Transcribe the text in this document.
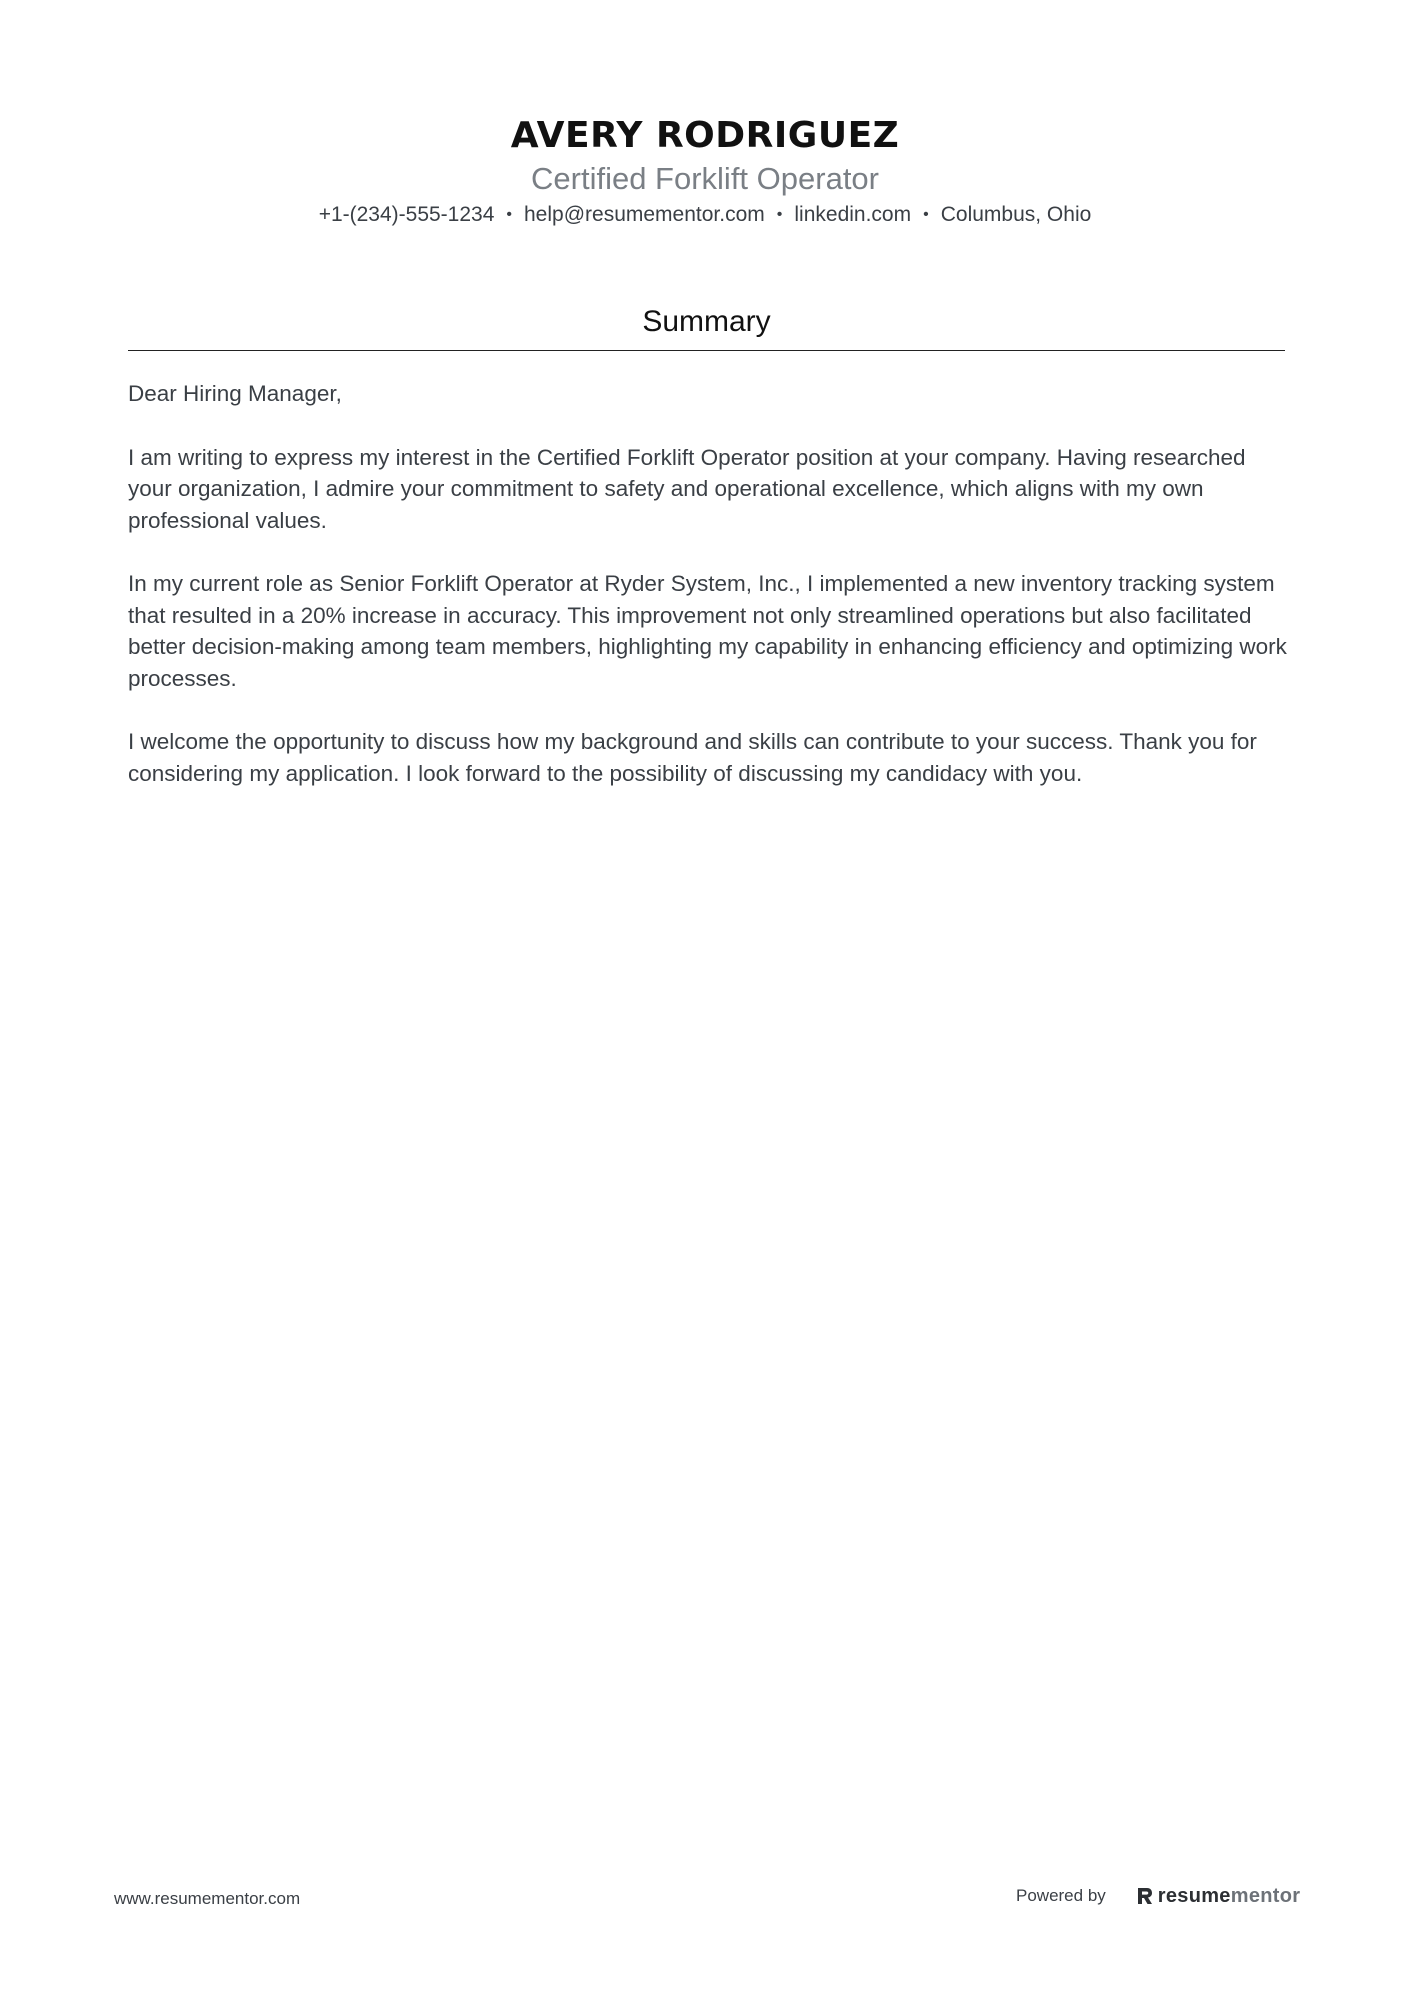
AVERY RODRIGUEZ
Certified Forklift Operator
+1-(234)-555-1234 • help@resumementor.com • linkedin.com • Columbus, Ohio
Summary

Dear Hiring Manager,

I am writing to express my interest in the Certified Forklift Operator position at your company. Having researched your organization, I admire your commitment to safety and operational excellence, which aligns with my own professional values.

In my current role as Senior Forklift Operator at Ryder System, Inc., I implemented a new inventory tracking system that resulted in a 20% increase in accuracy. This improvement not only streamlined operations but also facilitated better decision-making among team members, highlighting my capability in enhancing efficiency and optimizing work processes.

I welcome the opportunity to discuss how my background and skills can contribute to your success. Thank you for considering my application. I look forward to the possibility of discussing my candidacy with you.

www.resumementor.com	Powered by	resumementor
